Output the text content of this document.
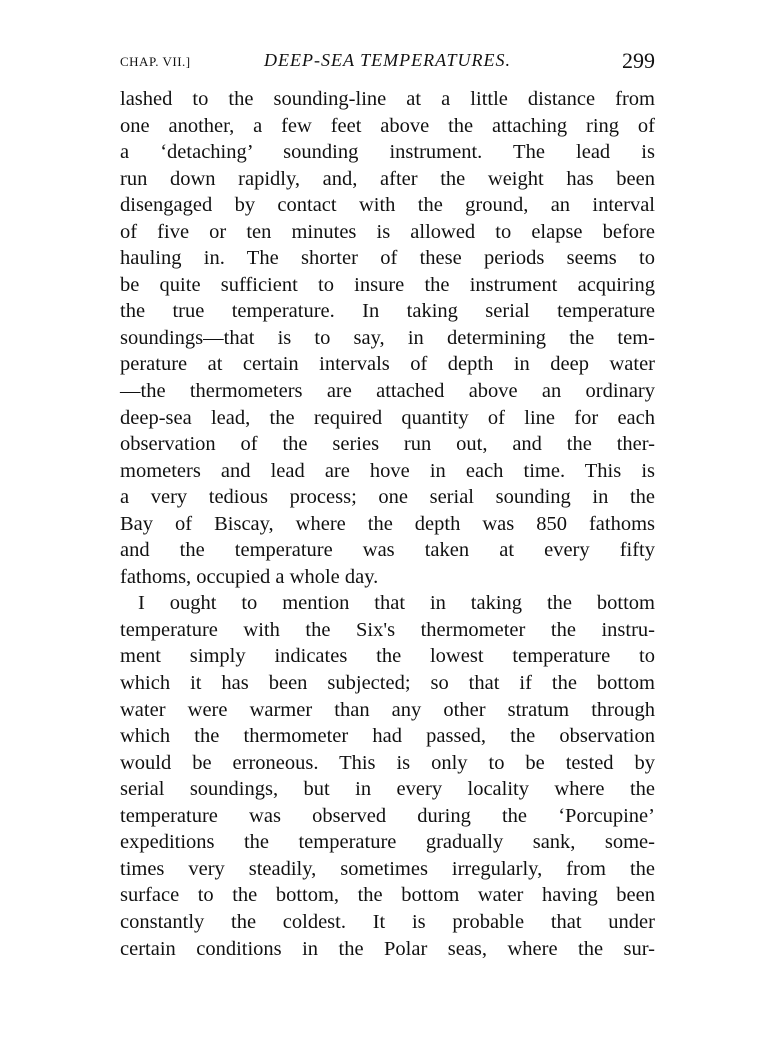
CHAP. VII.]	DEEP-SEA TEMPERATURES.	299
lashed to the sounding-line at a little distance from
one another, a few feet above the attaching ring of
a ‘detaching’ sounding instrument. The lead is
run down rapidly, and, after the weight has been
disengaged by contact with the ground, an interval
of five or ten minutes is allowed to elapse before
hauling in. The shorter of these periods seems to
be quite sufficient to insure the instrument acquiring
the true temperature. In taking serial temperature
soundings—that is to say, in determining the tem-
perature at certain intervals of depth in deep water
—the thermometers are attached above an ordinary
deep-sea lead, the required quantity of line for each
observation of the series run out, and the ther-
mometers and lead are hove in each time. This is
a very tedious process; one serial sounding in the
Bay of Biscay, where the depth was 850 fathoms
and the temperature was taken at every fifty
fathoms, occupied a whole day.
I ought to mention that in taking the bottom
temperature with the Six's thermometer the instru-
ment simply indicates the lowest temperature to
which it has been subjected; so that if the bottom
water were warmer than any other stratum through
which the thermometer had passed, the observation
would be erroneous. This is only to be tested by
serial soundings, but in every locality where the
temperature was observed during the ‘Porcupine’
expeditions the temperature gradually sank, some-
times very steadily, sometimes irregularly, from the
surface to the bottom, the bottom water having been
constantly the coldest. It is probable that under
certain conditions in the Polar seas, where the sur-
